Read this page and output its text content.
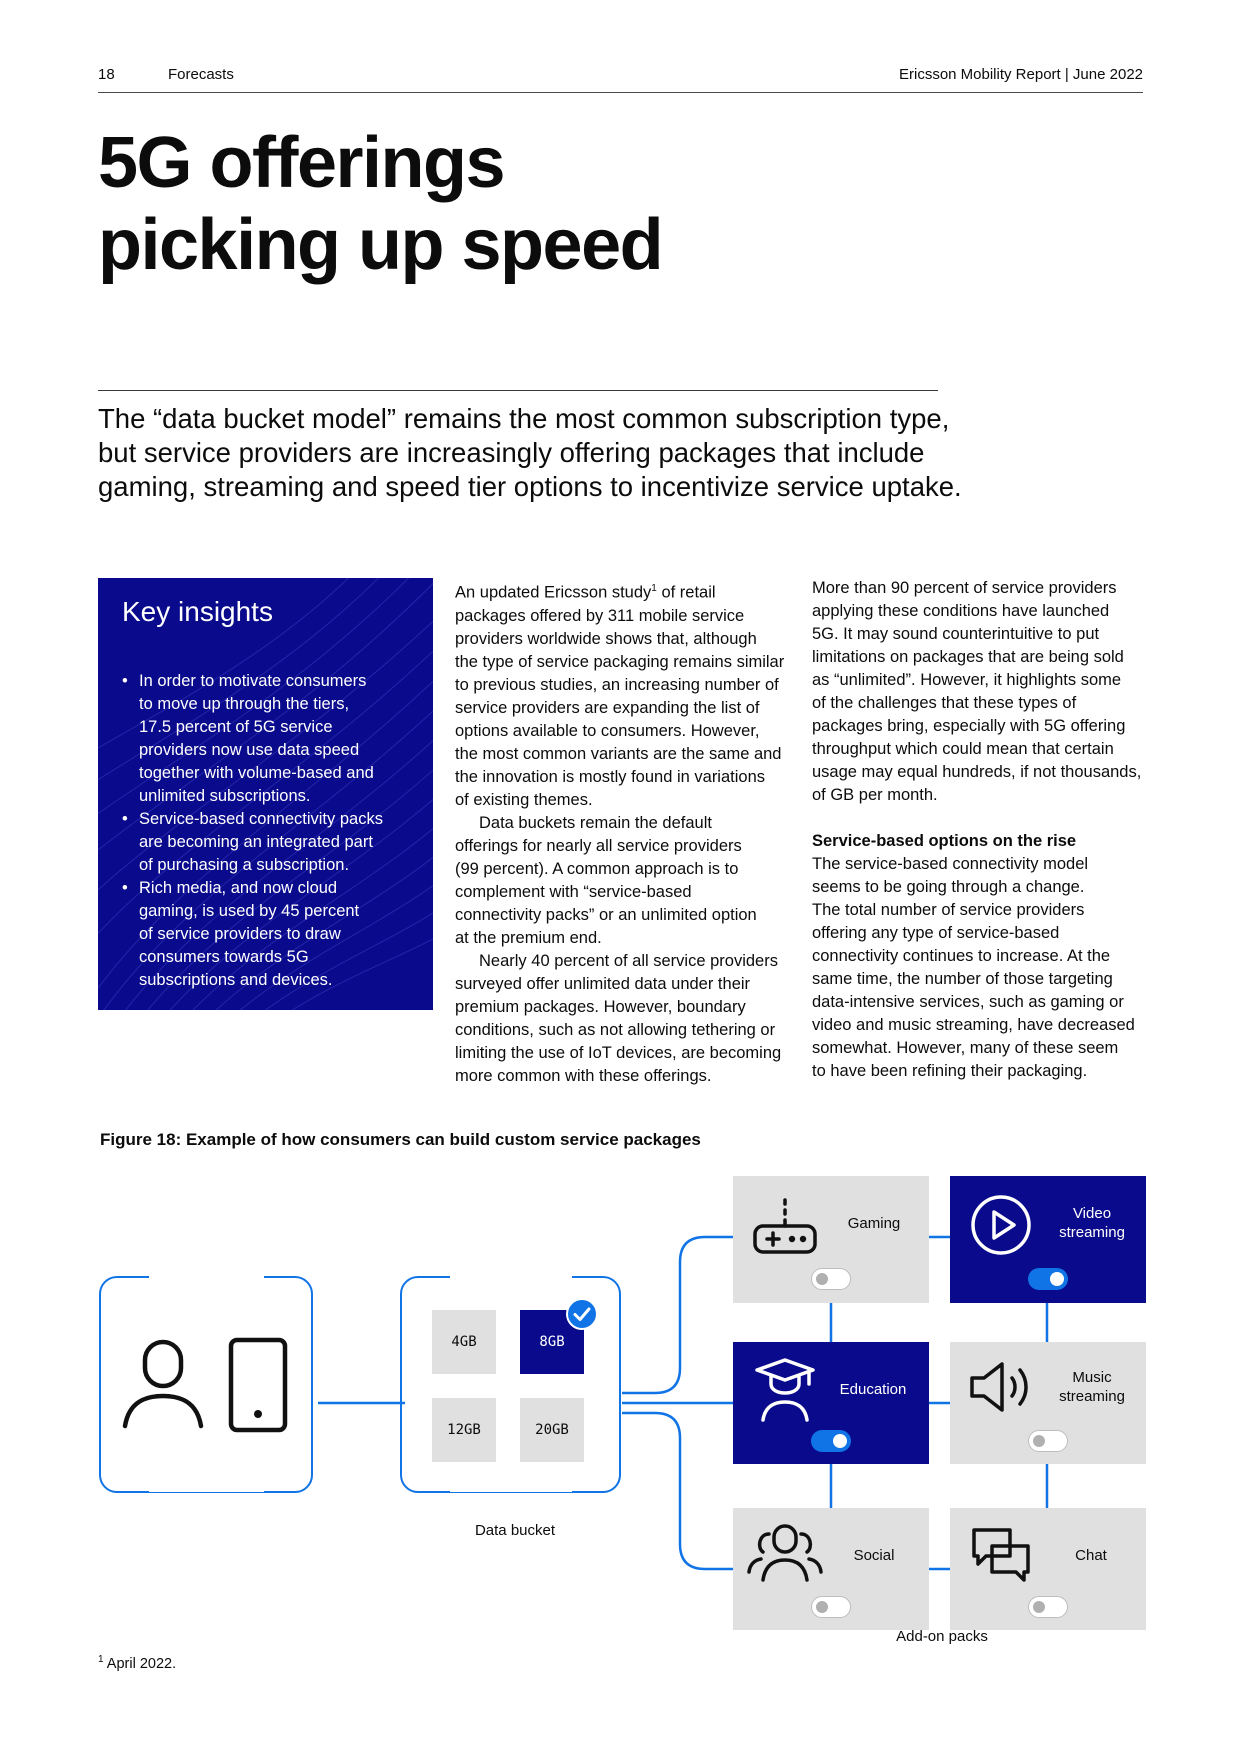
18	Forecasts	Ericsson Mobility Report | June 2022
5G offerings
picking up speed

The “data bucket model” remains the most common subscription type,
but service providers are increasingly offering packages that include
gaming, streaming and speed tier options to incentivize service uptake.

Key insights
• In order to motivate consumers
to move up through the tiers,
17.5 percent of 5G service
providers now use data speed
together with volume-based and
unlimited subscriptions.
• Service-based connectivity packs
are becoming an integrated part
of purchasing a subscription.
• Rich media, and now cloud
gaming, is used by 45 percent
of service providers to draw
consumers towards 5G
subscriptions and devices.
An updated Ericsson study$^1$ of retail
packages offered by 311 mobile service
providers worldwide shows that, although
the type of service packaging remains similar
to previous studies, an increasing number of
service providers are expanding the list of
options available to consumers. However,
the most common variants are the same and
the innovation is mostly found in variations
of existing themes.
Data buckets remain the default
offerings for nearly all service providers
(99 percent). A common approach is to
complement with “service-based
connectivity packs” or an unlimited option
at the premium end.
Nearly 40 percent of all service providers
surveyed offer unlimited data under their
premium packages. However, boundary
conditions, such as not allowing tethering or
limiting the use of IoT devices, are becoming
more common with these offerings.
More than 90 percent of service providers
applying these conditions have launched
5G. It may sound counterintuitive to put
limitations on packages that are being sold
as “unlimited”. However, it highlights some
of the challenges that these types of
packages bring, especially with 5G offering
throughput which could mean that certain
usage may equal hundreds, if not thousands,
of GB per month.
Service-based options on the rise
The service-based connectivity model
seems to be going through a change.
The total number of service providers
offering any type of service-based
connectivity continues to increase. At the
same time, the number of those targeting
data-intensive services, such as gaming or
video and music streaming, have decreased
somewhat. However, many of these seem
to have been refining their packaging.
Figure 18: Example of how consumers can build custom service packages
4GB	8GB
12GB	20GB
Data bucket
Gaming
Video
streaming
Education
Music
streaming
Social	Chat
Add-on packs
$^1$ April 2022.
